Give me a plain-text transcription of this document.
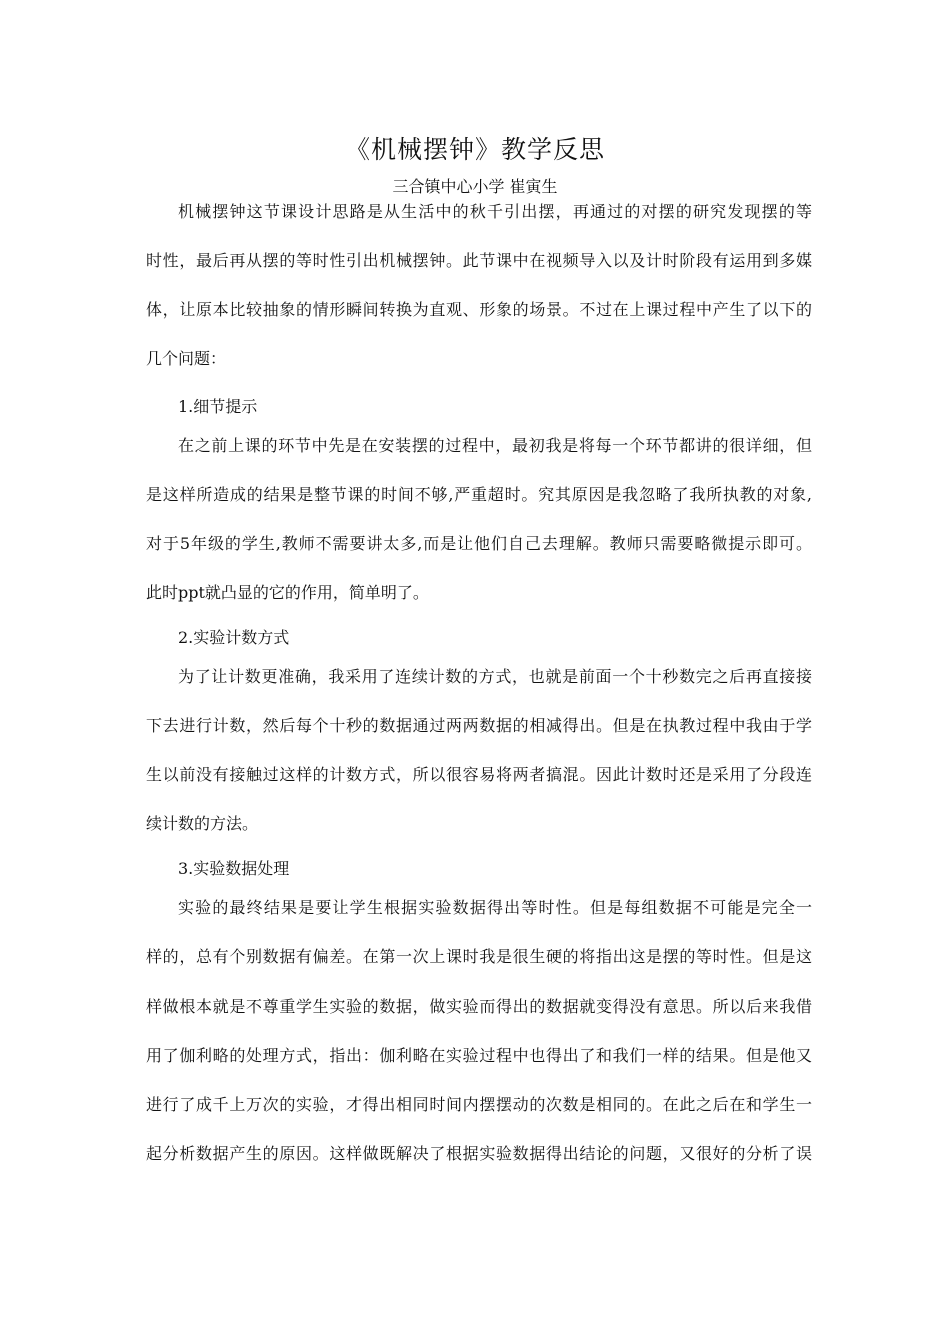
《机械摆钟》教学反思
三合镇中心小学 崔寅生
机械摆钟这节课设计思路是从生活中的秋千引出摆，再通过的对摆的研究发现摆的等
时性，最后再从摆的等时性引出机械摆钟。此节课中在视频导入以及计时阶段有运用到多媒
体，让原本比较抽象的情形瞬间转换为直观、形象的场景。不过在上课过程中产生了以下的
几个问题：
1.细节提示
在之前上课的环节中先是在安装摆的过程中，最初我是将每一个环节都讲的很详细，但
是这样所造成的结果是整节课的时间不够,严重超时。究其原因是我忽略了我所执教的对象,
对于5年级的学生,教师不需要讲太多,而是让他们自己去理解。教师只需要略微提示即可。
此时ppt就凸显的它的作用，简单明了。
2.实验计数方式
为了让计数更准确，我采用了连续计数的方式，也就是前面一个十秒数完之后再直接接
下去进行计数，然后每个十秒的数据通过两两数据的相减得出。但是在执教过程中我由于学
生以前没有接触过这样的计数方式，所以很容易将两者搞混。因此计数时还是采用了分段连
续计数的方法。
3.实验数据处理
实验的最终结果是要让学生根据实验数据得出等时性。但是每组数据不可能是完全一
样的，总有个别数据有偏差。在第一次上课时我是很生硬的将指出这是摆的等时性。但是这
样做根本就是不尊重学生实验的数据，做实验而得出的数据就变得没有意思。所以后来我借
用了伽利略的处理方式，指出：伽利略在实验过程中也得出了和我们一样的结果。但是他又
进行了成千上万次的实验，才得出相同时间内摆摆动的次数是相同的。在此之后在和学生一
起分析数据产生的原因。这样做既解决了根据实验数据得出结论的问题，又很好的分析了误
